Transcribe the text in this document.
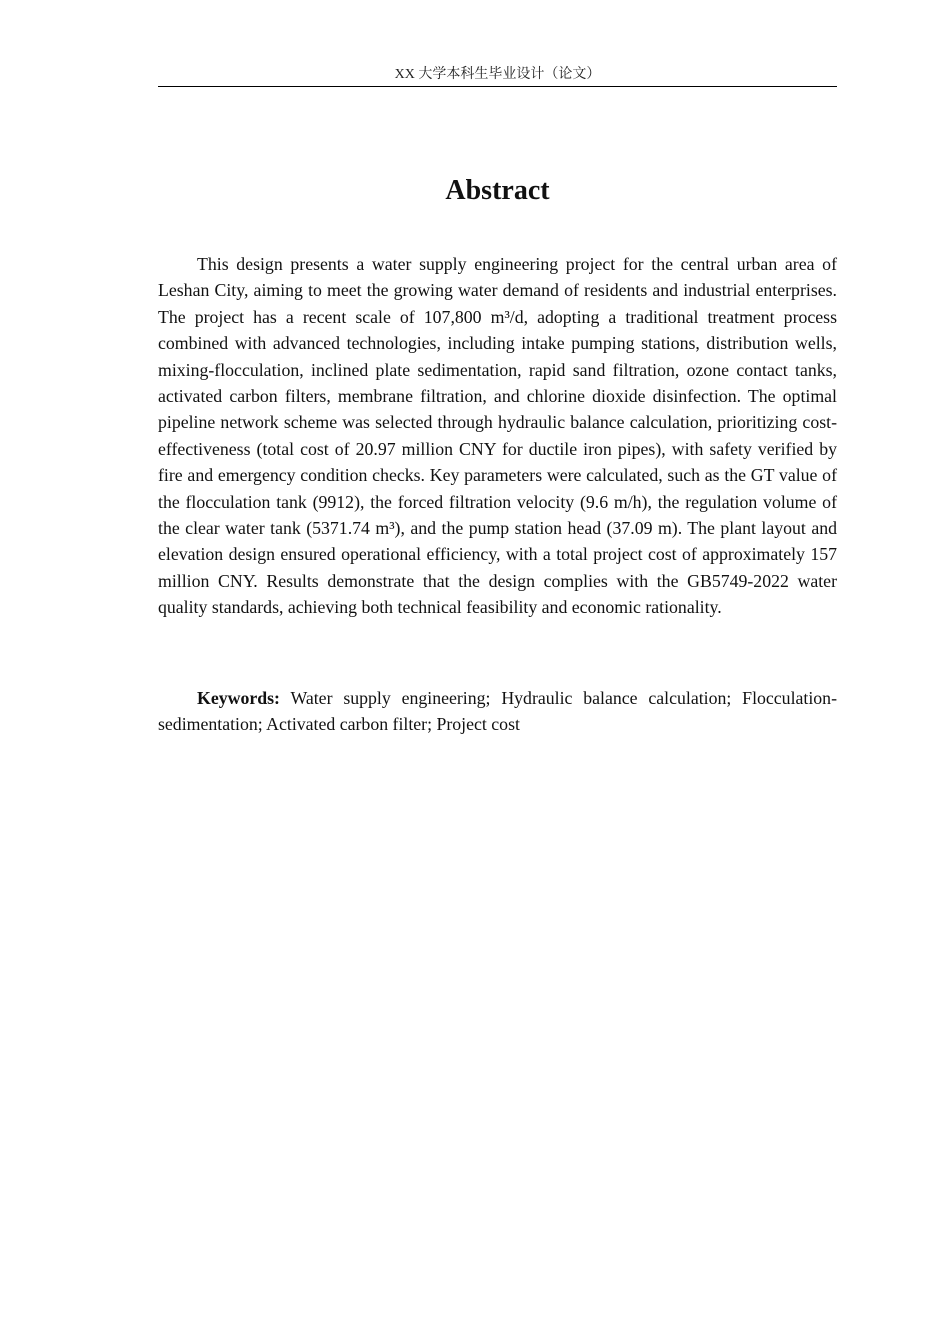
XX 大学本科生毕业设计（论文）
Abstract

This design presents a water supply engineering project for the central urban area of Leshan City, aiming to meet the growing water demand of residents and industrial enterprises. The project has a recent scale of 107,800 m³/d, adopting a traditional treatment process combined with advanced technologies, including intake pumping stations, distribution wells, mixing-flocculation, inclined plate sedimentation, rapid sand filtration, ozone contact tanks, activated carbon filters, membrane filtration, and chlorine dioxide disinfection. The optimal pipeline network scheme was selected through hydraulic balance calculation, prioritizing cost-effectiveness (total cost of 20.97 million CNY for ductile iron pipes), with safety verified by fire and emergency condition checks. Key parameters were calculated, such as the GT value of the flocculation tank (9912), the forced filtration velocity (9.6 m/h), the regulation volume of the clear water tank (5371.74 m³), and the pump station head (37.09 m). The plant layout and elevation design ensured operational efficiency, with a total project cost of approximately 157 million CNY. Results demonstrate that the design complies with the GB5749-2022 water quality standards, achieving both technical feasibility and economic rationality.

Keywords: Water supply engineering; Hydraulic balance calculation; Flocculation-sedimentation; Activated carbon filter; Project cost
